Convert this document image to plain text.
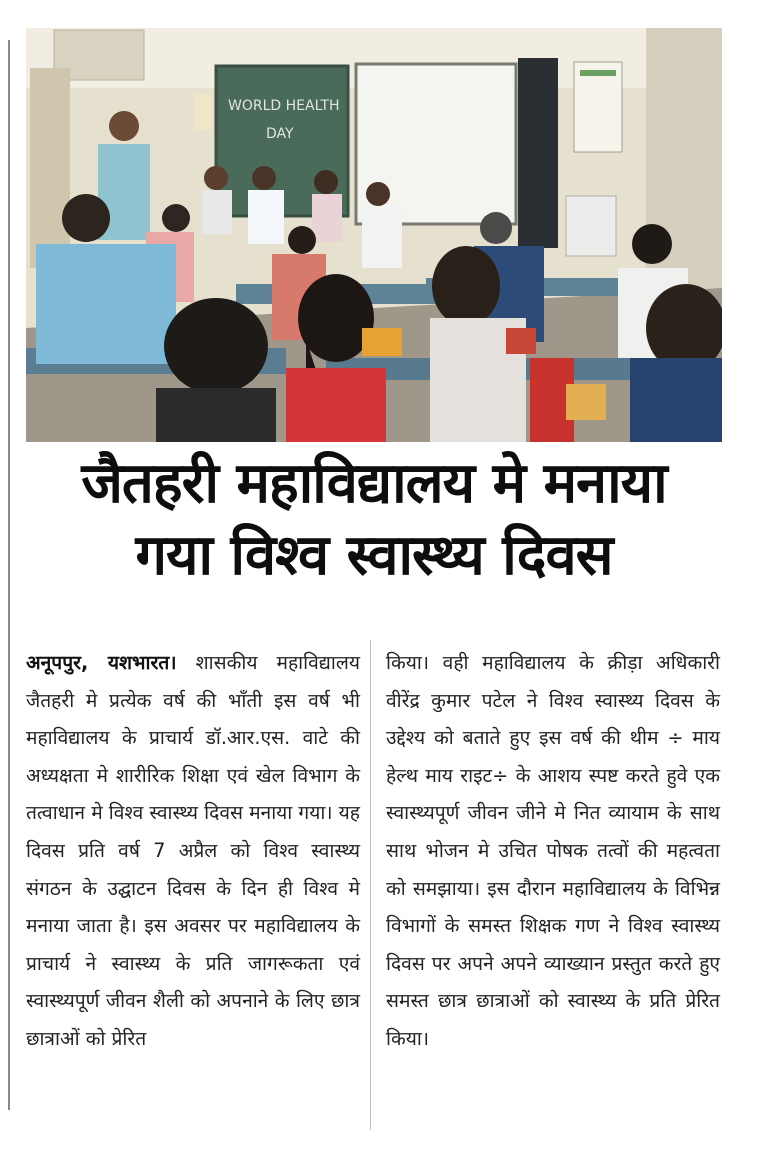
WORLD HEALTH
DAY
जैतहरी महाविद्यालय मे मनाया
गया विश्व स्वास्थ्य दिवस

अनूपपुर, यशभारत। शासकीय महाविद्यालय जैतहरी मे प्रत्येक वर्ष की भाँती इस वर्ष भी महाविद्यालय के प्राचार्य डॉ.आर.एस. वाटे की अध्यक्षता मे शारीरिक शिक्षा एवं खेल विभाग के तत्वाधान मे विश्व स्वास्थ्य दिवस मनाया गया। यह दिवस प्रति वर्ष 7 अप्रैल को विश्व स्वास्थ्य संगठन के उद्घाटन दिवस के दिन ही विश्व मे मनाया जाता है। इस अवसर पर महाविद्यालय के प्राचार्य ने स्वास्थ्य के प्रति जागरूकता एवं स्वास्थ्यपूर्ण जीवन शैली को अपनाने के लिए छात्र छात्राओं को प्रेरित

किया। वही महाविद्यालय के क्रीड़ा अधिकारी वीरेंद्र कुमार पटेल ने विश्व स्वास्थ्य दिवस के उद्देश्य को बताते हुए इस वर्ष की थीम ÷ माय हेल्थ माय राइट÷ के आशय स्पष्ट करते हुवे एक स्वास्थ्यपूर्ण जीवन जीने मे नित व्यायाम के साथ साथ भोजन मे उचित पोषक तत्वों की महत्वता को समझाया। इस दौरान महाविद्यालय के विभिन्न विभागों के समस्त शिक्षक गण ने विश्व स्वास्थ्य दिवस पर अपने अपने व्याख्यान प्रस्तुत करते हुए समस्त छात्र छात्राओं को स्वास्थ्य के प्रति प्रेरित किया।
